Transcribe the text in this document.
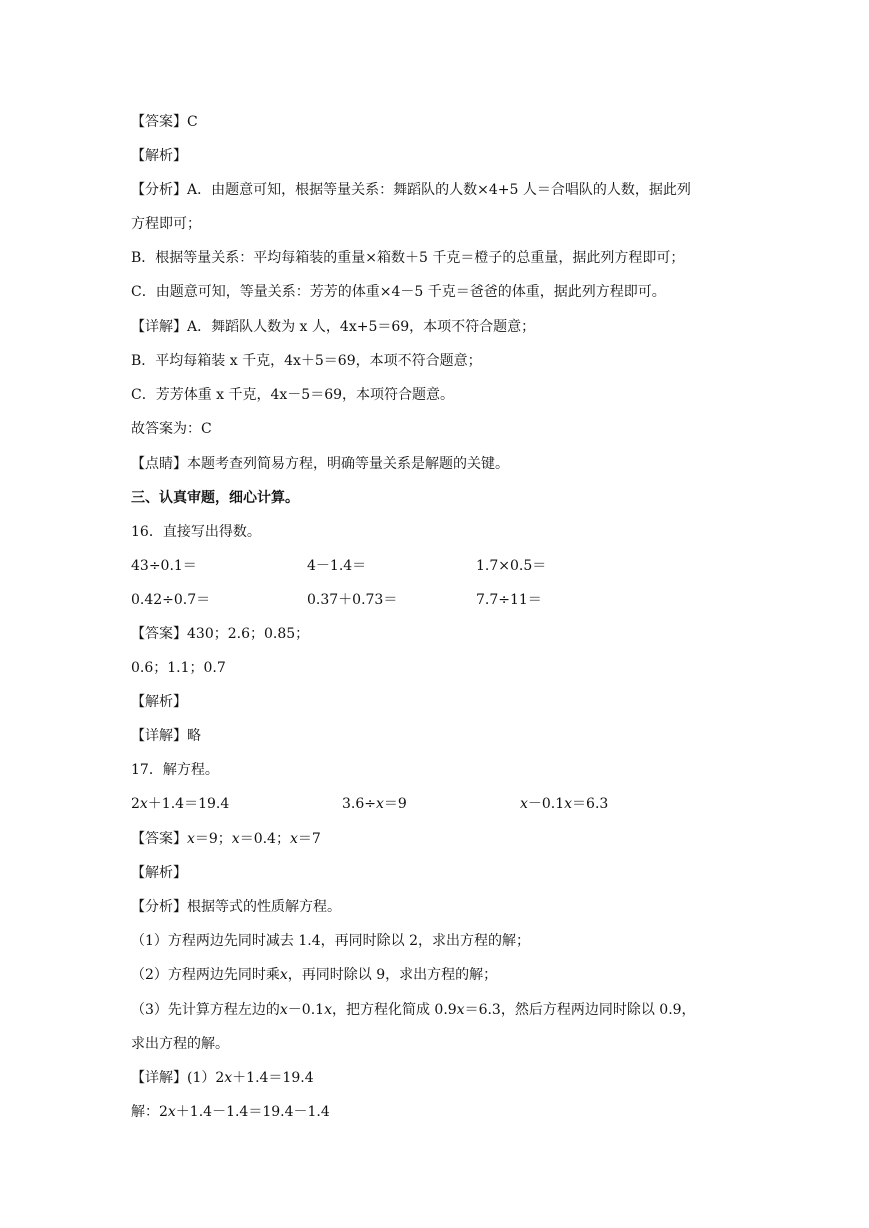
【答案】C
【解析】
【分析】A．由题意可知，根据等量关系：舞蹈队的人数×4+5 人＝合唱队的人数，据此列
方程即可；
B．根据等量关系：平均每箱装的重量×箱数＋5 千克＝橙子的总重量，据此列方程即可；
C．由题意可知，等量关系：芳芳的体重×4－5 千克＝爸爸的体重，据此列方程即可。
【详解】A．舞蹈队人数为 x 人，4x+5＝69，本项不符合题意；
B．平均每箱装 x 千克，4x＋5＝69，本项不符合题意；
C．芳芳体重 x 千克，4x－5＝69，本项符合题意。
故答案为：C
【点睛】本题考查列简易方程，明确等量关系是解题的关键。
三、认真审题，细心计算。
16．直接写出得数。
43÷0.1＝	4－1.4＝	1.7×0.5＝
0.42÷0.7＝	0.37＋0.73＝	7.7÷11＝
【答案】430；2.6；0.85；
0.6；1.1；0.7
【解析】
【详解】略
17．解方程。
2𝑥＋1.4＝19.4	3.6÷𝑥＝9	𝑥－0.1𝑥＝6.3
【答案】𝑥＝9；𝑥＝0.4；𝑥＝7
【解析】
【分析】根据等式的性质解方程。
（1）方程两边先同时减去 1.4，再同时除以 2，求出方程的解；
（2）方程两边先同时乘𝑥，再同时除以 9，求出方程的解；
（3）先计算方程左边的𝑥－0.1𝑥，把方程化简成 0.9𝑥＝6.3，然后方程两边同时除以 0.9，
求出方程的解。
【详解】(1）2𝑥＋1.4＝19.4
解：2𝑥＋1.4－1.4＝19.4－1.4
